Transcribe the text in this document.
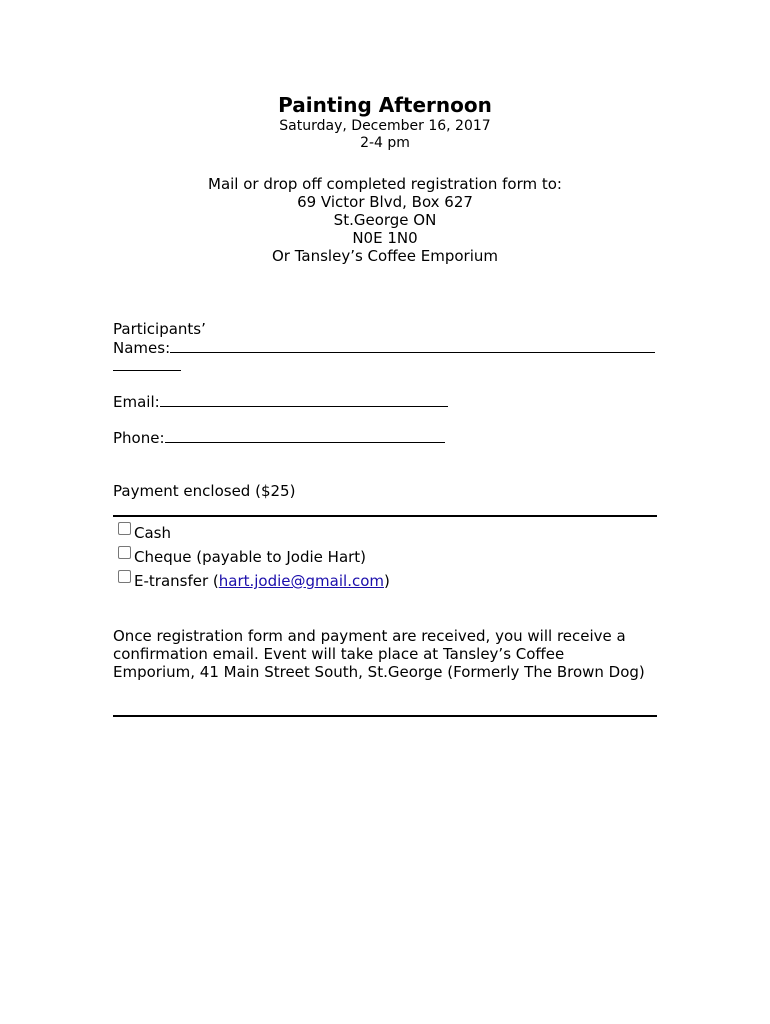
Painting Afternoon
Saturday, December 16, 2017
2-4 pm
Mail or drop off completed registration form to:
69 Victor Blvd, Box 627
St.George ON
N0E 1N0
Or Tansley’s Coffee Emporium
Participants’
Names:
Email:
Phone:
Payment enclosed ($25)
Cash
Cheque (payable to Jodie Hart)
E-transfer (hart.jodie@gmail.com)
Once registration form and payment are received, you will receive a
confirmation email. Event will take place at Tansley’s Coffee
Emporium, 41 Main Street South, St.George (Formerly The Brown Dog)
